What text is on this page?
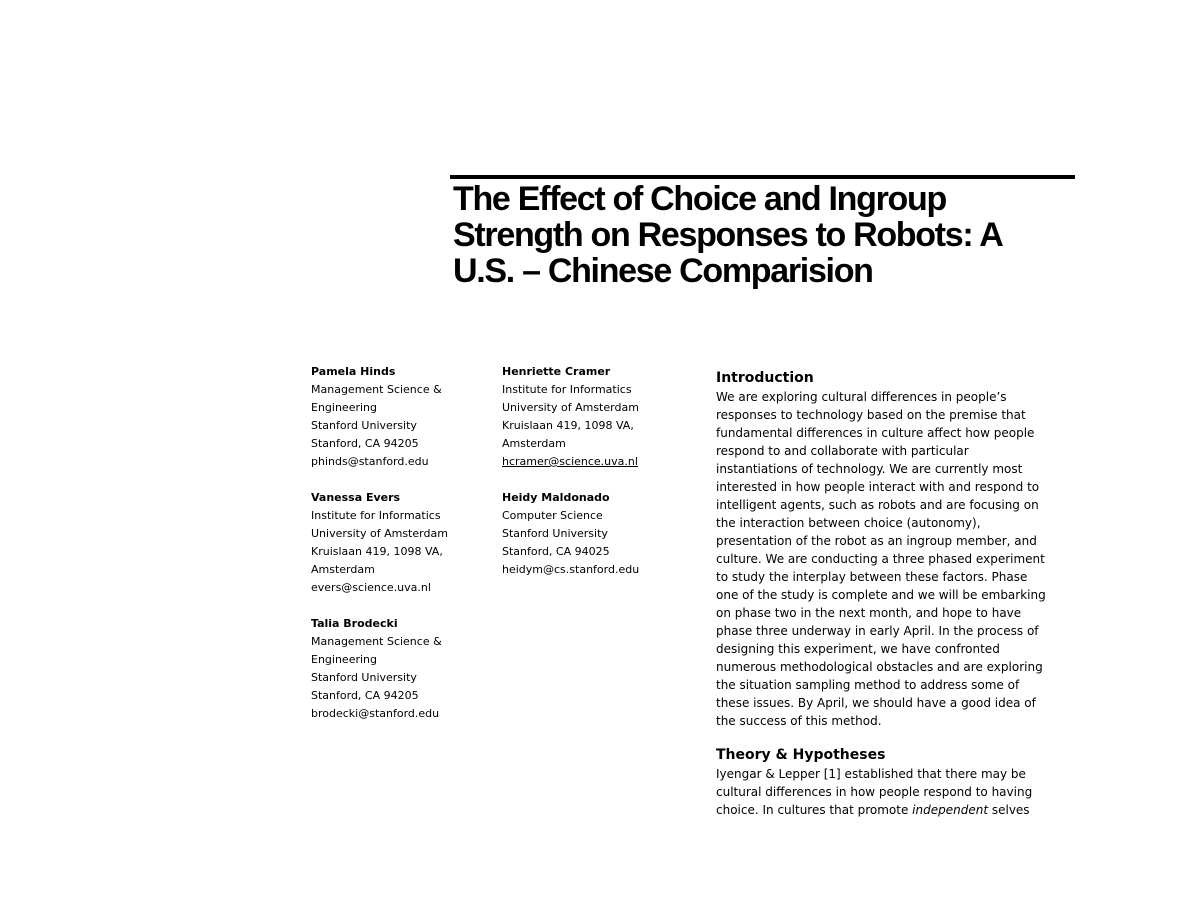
The Effect of Choice and Ingroup
Strength on Responses to Robots: A
U.S. – Chinese Comparision
Pamela Hinds
Management Science &
Engineering
Stanford University
Stanford, CA 94205
phinds@stanford.edu
Vanessa Evers
Institute for Informatics
University of Amsterdam
Kruislaan 419, 1098 VA,
Amsterdam
evers@science.uva.nl
Talia Brodecki
Management Science &
Engineering
Stanford University
Stanford, CA 94205
brodecki@stanford.edu
Henriette Cramer
Institute for Informatics
University of Amsterdam
Kruislaan 419, 1098 VA,
Amsterdam
hcramer@science.uva.nl
Heidy Maldonado
Computer Science
Stanford University
Stanford, CA 94025
heidym@cs.stanford.edu
Introduction
We are exploring cultural differences in people’s
responses to technology based on the premise that
fundamental differences in culture affect how people
respond to and collaborate with particular
instantiations of technology. We are currently most
interested in how people interact with and respond to
intelligent agents, such as robots and are focusing on
the interaction between choice (autonomy),
presentation of the robot as an ingroup member, and
culture. We are conducting a three phased experiment
to study the interplay between these factors. Phase
one of the study is complete and we will be embarking
on phase two in the next month, and hope to have
phase three underway in early April. In the process of
designing this experiment, we have confronted
numerous methodological obstacles and are exploring
the situation sampling method to address some of
these issues. By April, we should have a good idea of
the success of this method.
Theory & Hypotheses
Iyengar & Lepper [1] established that there may be
cultural differences in how people respond to having
choice. In cultures that promote independent selves
